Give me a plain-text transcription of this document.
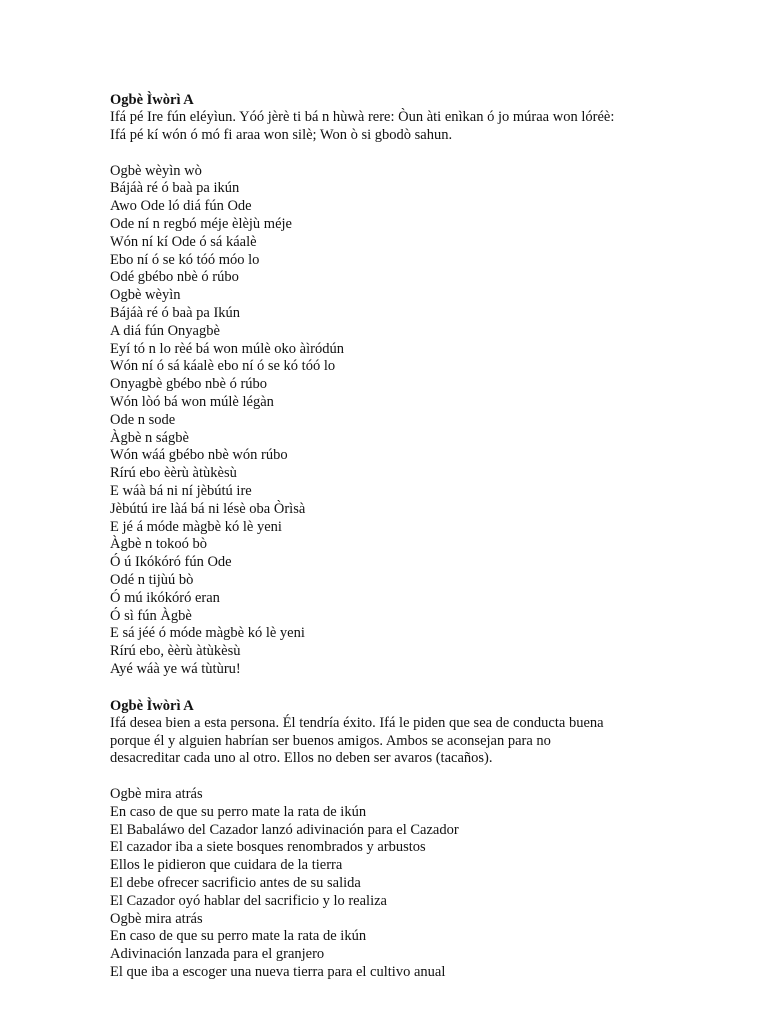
Ogbè Ìwòrì A
Ifá pé Ire fún eléyìun. Yóó jèrè ti bá n hùwà rere: Òun àti enìkan ó jo múraa won lóréè:
Ifá pé kí wón ó mó fi araa won silè; Won ò si gbodò sahun.
Ogbè wèyìn wò
Bájáà ré ó baà pa ikún
Awo Ode ló diá fún Ode
Ode ní n regbó méje èlèjù méje
Wón ní kí Ode ó sá káalè
Ebo ní ó se kó tóó móo lo
Odé gbébo nbè ó rúbo
Ogbè wèyìn
Bájáà ré ó baà pa Ikún
A diá fún Onyagbè
Eyí tó n lo rèé bá won múlè oko àìródún
Wón ní ó sá káalè ebo ní ó se kó tóó lo
Onyagbè gbébo nbè ó rúbo
Wón lòó bá won múlè légàn
Ode n sode
Àgbè n ságbè
Wón wáá gbébo nbè wón rúbo
Rírú ebo èèrù àtùkèsù
E wáà bá ni ní jèbútú ire
Jèbútú ire làá bá ni lésè oba Òrìsà
E jé á móde màgbè kó lè yeni
Àgbè n tokoó bò
Ó ú Ikókóró fún Ode
Odé n tijùú bò
Ó mú ikókóró eran
Ó sì fún Àgbè
E sá jéé ó móde màgbè kó lè yeni
Rírú ebo, èèrù àtùkèsù
Ayé wáà ye wá tùtùru!
Ogbè Ìwòrì A
Ifá desea bien a esta persona. Él tendría éxito. Ifá le piden que sea de conducta buena
porque él y alguien habrían ser buenos amigos. Ambos se aconsejan para no
desacreditar cada uno al otro. Ellos no deben ser avaros (tacaños).
Ogbè mira atrás
En caso de que su perro mate la rata de ikún
El Babaláwo del Cazador lanzó adivinación para el Cazador
El cazador iba a siete bosques renombrados y arbustos
Ellos le pidieron que cuidara de la tierra
El debe ofrecer sacrificio antes de su salida
El Cazador oyó hablar del sacrificio y lo realiza
Ogbè mira atrás
En caso de que su perro mate la rata de ikún
Adivinación lanzada para el granjero
El que iba a escoger una nueva tierra para el cultivo anual
